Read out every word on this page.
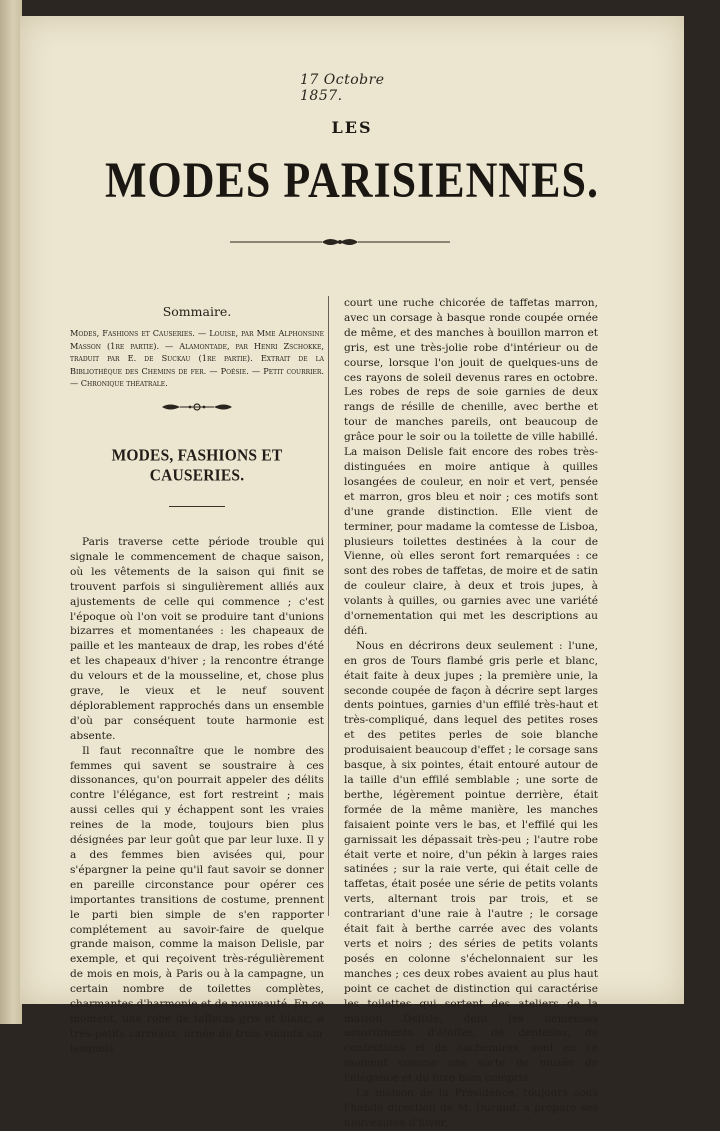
17 Octobre 1857.
LES
MODES PARISIENNES.

Sommaire.

Modes, Fashions et Causeries. — Louise, par Mme Alphonsine Masson (1re partie). — Alamontade, par Henri Zschokke, traduit par E. de Suckau (1re partie). Extrait de la Bibliothèque des Chemins de fer. — Poésie. — Petit courrier. — Chronique théatrale.

MODES, FASHIONS ET CAUSERIES.

Paris traverse cette période trouble qui signale le commencement de chaque saison, où les vêtements de la saison qui finit se trouvent parfois si singulièrement alliés aux ajustements de celle qui commence ; c'est l'époque où l'on voit se produire tant d'unions bizarres et momentanées : les chapeaux de paille et les manteaux de drap, les robes d'été et les chapeaux d'hiver ; la rencontre étrange du velours et de la mousseline, et, chose plus grave, le vieux et le neuf souvent déplorablement rapprochés dans un ensemble d'où par conséquent toute harmonie est absente.

Il faut reconnaître que le nombre des femmes qui savent se soustraire à ces dissonances, qu'on pourrait appeler des délits contre l'élégance, est fort restreint ; mais aussi celles qui y échappent sont les vraies reines de la mode, toujours bien plus désignées par leur goût que par leur luxe. Il y a des femmes bien avisées qui, pour s'épargner la peine qu'il faut savoir se donner en pareille circonstance pour opérer ces importantes transitions de costume, prennent le parti bien simple de s'en rapporter complétement au savoir-faire de quelque grande maison, comme la maison Delisle, par exemple, et qui reçoivent très-régulièrement de mois en mois, à Paris ou à la campagne, un certain nombre de toilettes complètes, charmantes d'harmonie et de nouveauté. En ce moment, une robe de taffetas gris et blanc, à très-petits carreaux, ornée de trois volants sur lesquels

court une ruche chicorée de taffetas marron, avec un corsage à basque ronde coupée ornée de même, et des manches à bouillon marron et gris, est une très-jolie robe d'intérieur ou de course, lorsque l'on jouit de quelques-uns de ces rayons de soleil devenus rares en octobre. Les robes de reps de soie garnies de deux rangs de résille de chenille, avec berthe et tour de manches pareils, ont beaucoup de grâce pour le soir ou la toilette de ville habillé. La maison Delisle fait encore des robes très-distinguées en moire antique à quilles losangées de couleur, en noir et vert, pensée et marron, gros bleu et noir ; ces motifs sont d'une grande distinction. Elle vient de terminer, pour madame la comtesse de Lisboa, plusieurs toilettes destinées à la cour de Vienne, où elles seront fort remarquées : ce sont des robes de taffetas, de moire et de satin de couleur claire, à deux et trois jupes, à volants à quilles, ou garnies avec une variété d'ornementation qui met les descriptions au défi.

Nous en décrirons deux seulement : l'une, en gros de Tours flambé gris perle et blanc, était faite à deux jupes ; la première unie, la seconde coupée de façon à décrire sept larges dents pointues, garnies d'un effilé très-haut et très-compliqué, dans lequel des petites roses et des petites perles de soie blanche produisaient beaucoup d'effet ; le corsage sans basque, à six pointes, était entouré autour de la taille d'un effilé semblable ; une sorte de berthe, légèrement pointue derrière, était formée de la même manière, les manches faisaient pointe vers le bas, et l'effilé qui les garnissait les dépassait très-peu ; l'autre robe était verte et noire, d'un pékin à larges raies satinées ; sur la raie verte, qui était celle de taffetas, était posée une série de petits volants verts, alternant trois par trois, et se contrariant d'une raie à l'autre ; le corsage était fait à berthe carrée avec des volants verts et noirs ; des séries de petits volants posés en colonne s'échelonnaient sur les manches ; ces deux robes avaient au plus haut point ce cachet de distinction qui caractérise les toilettes qui sortent des ateliers de la maison Delisle, dont les immenses assortiments d'étoffes, de dentelles, de confections et de cachemires, sont en ce moment comme une sorte de musée de l'élégance et du luxe bien compris.

La maison de la Présidence, toujours sous l'habile direction de M. Durand, a préparé ses nouveautés d'hiver,
